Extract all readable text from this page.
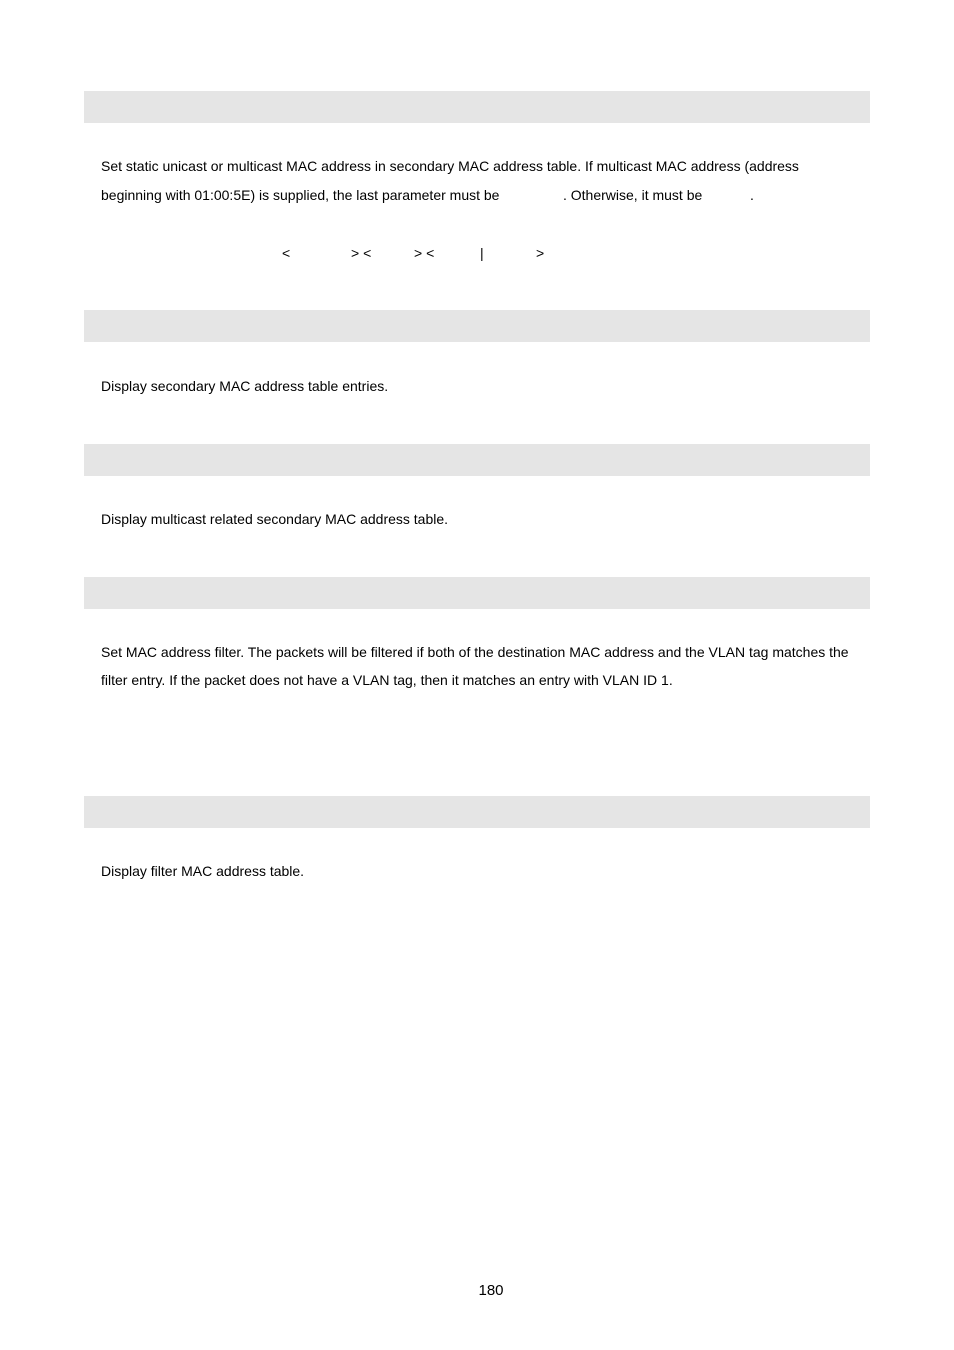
Set static unicast or multicast MAC address in secondary MAC address table. If multicast MAC address (address
beginning with 01:00:5E) is supplied, the last parameter must be	. Otherwise, it must be	.
<	> <	> <	|	>
Display secondary MAC address table entries.
Display multicast related secondary MAC address table.
Set MAC address filter. The packets will be filtered if both of the destination MAC address and the VLAN tag matches the
filter entry. If the packet does not have a VLAN tag, then it matches an entry with VLAN ID 1.
Display filter MAC address table.
180
